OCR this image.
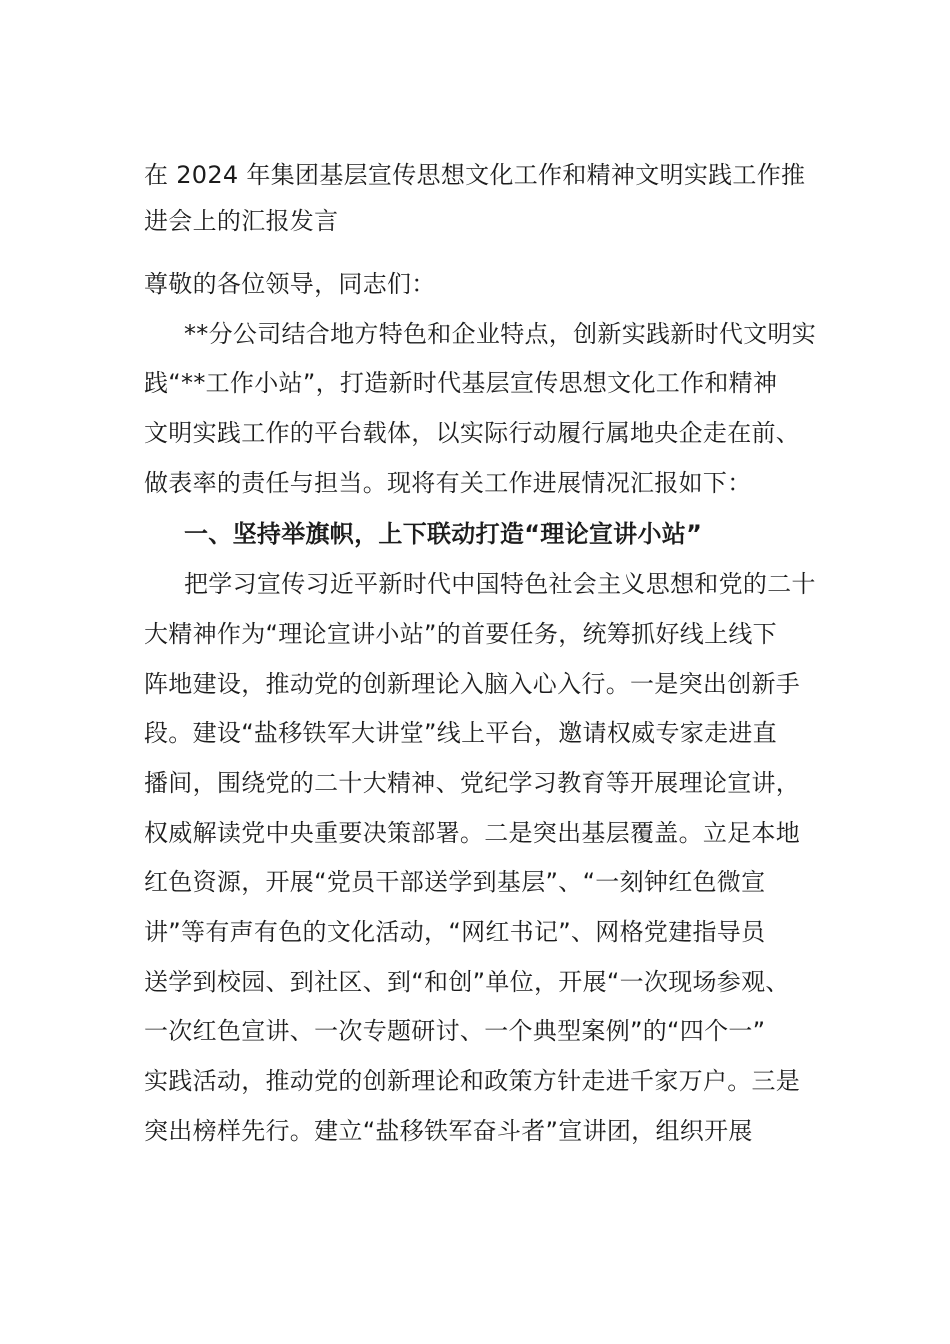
在 2024 年集团基层宣传思想文化工作和精神文明实践工作推
进会上的汇报发言
尊敬的各位领导，同志们：
**分公司结合地方特色和企业特点，创新实践新时代文明实
践“**工作小站”，打造新时代基层宣传思想文化工作和精神
文明实践工作的平台载体，以实际行动履行属地央企走在前、
做表率的责任与担当。现将有关工作进展情况汇报如下：
一、坚持举旗帜，上下联动打造“理论宣讲小站”
把学习宣传习近平新时代中国特色社会主义思想和党的二十
大精神作为“理论宣讲小站”的首要任务，统筹抓好线上线下
阵地建设，推动党的创新理论入脑入心入行。一是突出创新手
段。建设“盐移铁军大讲堂”线上平台，邀请权威专家走进直
播间，围绕党的二十大精神、党纪学习教育等开展理论宣讲，
权威解读党中央重要决策部署。二是突出基层覆盖。立足本地
红色资源，开展“党员干部送学到基层”、“一刻钟红色微宣
讲”等有声有色的文化活动，“网红书记”、网格党建指导员
送学到校园、到社区、到“和创”单位，开展“一次现场参观、
一次红色宣讲、一次专题研讨、一个典型案例”的“四个一”
实践活动，推动党的创新理论和政策方针走进千家万户。三是
突出榜样先行。建立“盐移铁军奋斗者”宣讲团，组织开展
